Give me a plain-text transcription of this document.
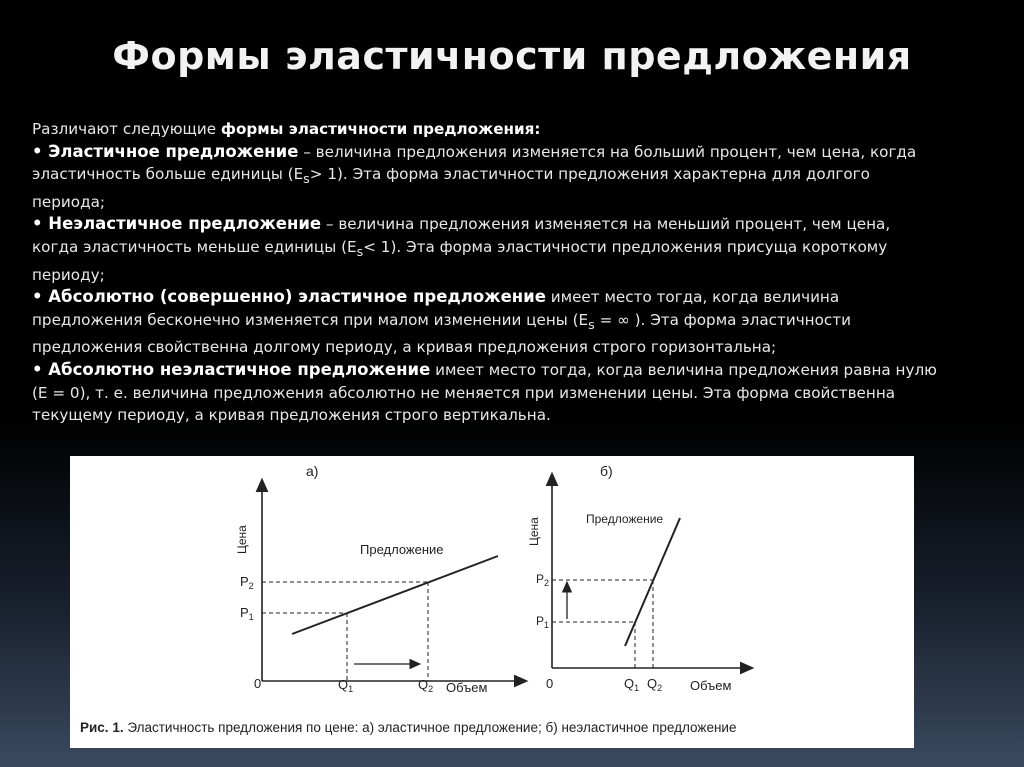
Формы эластичности предложения

Различают следующие формы эластичности предложения:

• Эластичное предложение – величина предложения изменяется на больший процент, чем цена, когда

эластичность больше единицы $(E_s> 1)$. Эта форма эластичности предложения характерна для долгого

периода;

• Неэластичное предложение – величина предложения изменяется на меньший процент, чем цена,

когда эластичность меньше единицы $(E_s< 1)$. Эта форма эластичности предложения присуща короткому

периоду;

• Абсолютно (совершенно) эластичное предложение имеет место тогда, когда величина

предложения бесконечно изменяется при малом изменении цены ($E_s$ = ∞ ). Эта форма эластичности

предложения свойственна долгому периоду, а кривая предложения строго горизонтальна;

• Абсолютно неэластичное предложение имеет место тогда, когда величина предложения равна нулю

(E = 0), т. е. величина предложения абсолютно не меняется при изменении цены. Эта форма свойственна

текущему периоду, а кривая предложения строго вертикальна.

а)
Цена	Предложение
0	Объем
$P_2$
$P_1$
$Q_1$	$Q_2$
б)
Цена	Предложение
0	Объем
$P_2$
$P_1$
$Q_1$ $Q_2$
Рис. 1. Эластичность предложения по цене: а) эластичное предложение; б) неэластичное предложение
